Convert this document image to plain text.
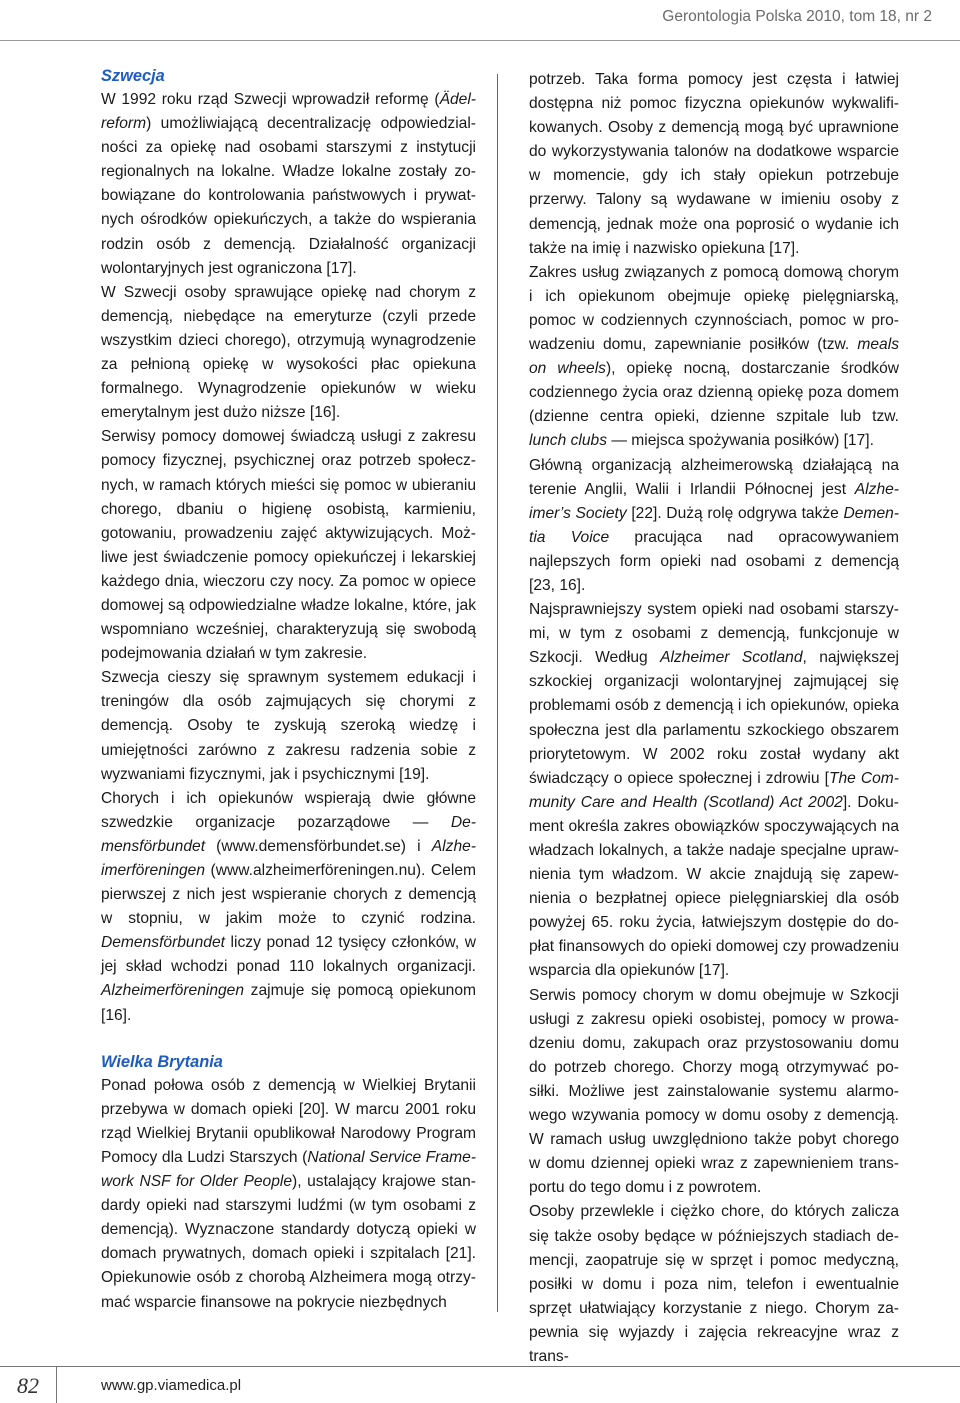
Gerontologia Polska 2010, tom 18, nr 2
Szwecja

W 1992 roku rząd Szwecji wprowadził reformę (Ädelreform) umożliwiającą decentralizację odpowiedzialności za opiekę nad osobami starszymi z instytucji regionalnych na lokalne. Władze lokalne zostały zobowiązane do kontrolowania państwowych i prywatnych ośrodków opiekuńczych, a także do wspierania rodzin osób z demencją. Działalność organizacji wolontaryjnych jest ograniczona [17].

W Szwecji osoby sprawujące opiekę nad chorym z demencją, niebędące na emeryturze (czyli przede wszystkim dzieci chorego), otrzymują wynagrodzenie za pełnioną opiekę w wysokości płac opiekuna formalnego. Wynagrodzenie opiekunów w wieku emerytalnym jest dużo niższe [16].

Serwisy pomocy domowej świadczą usługi z zakresu pomocy fizycznej, psychicznej oraz potrzeb społecznych, w ramach których mieści się pomoc w ubieraniu chorego, dbaniu o higienę osobistą, karmieniu, gotowaniu, prowadzeniu zajęć aktywizujących. Możliwe jest świadczenie pomocy opiekuńczej i lekarskiej każdego dnia, wieczoru czy nocy. Za pomoc w opiece domowej są odpowiedzialne władze lokalne, które, jak wspomniano wcześniej, charakteryzują się swobodą podejmowania działań w tym zakresie.

Szwecja cieszy się sprawnym systemem edukacji i treningów dla osób zajmujących się chorymi z demencją. Osoby te zyskują szeroką wiedzę i umiejętności zarówno z zakresu radzenia sobie z wyzwaniami fizycznymi, jak i psychicznymi [19].

Chorych i ich opiekunów wspierają dwie główne szwedzkie organizacje pozarządowe — Demensförbundet (www.demensförbundet.se) i Alzheimerföreningen (www.alzheimerföreningen.nu). Celem pierwszej z nich jest wspieranie chorych z demencją w stopniu, w jakim może to czynić rodzina. Demensförbundet liczy ponad 12 tysięcy członków, w jej skład wchodzi ponad 110 lokalnych organizacji. Alzheimerföreningen zajmuje się pomocą opiekunom [16].

Wielka Brytania

Ponad połowa osób z demencją w Wielkiej Brytanii przebywa w domach opieki [20]. W marcu 2001 roku rząd Wielkiej Brytanii opublikował Narodowy Program Pomocy dla Ludzi Starszych (National Service Framework NSF for Older People), ustalający krajowe standardy opieki nad starszymi ludźmi (w tym osobami z demencją). Wyznaczone standardy dotyczą opieki w domach prywatnych, domach opieki i szpitalach [21]. Opiekunowie osób z chorobą Alzheimera mogą otrzymać wsparcie finansowe na pokrycie niezbędnych

potrzeb. Taka forma pomocy jest częsta i łatwiej dostępna niż pomoc fizyczna opiekunów wykwalifikowanych. Osoby z demencją mogą być uprawnione do wykorzystywania talonów na dodatkowe wsparcie w momencie, gdy ich stały opiekun potrzebuje przerwy. Talony są wydawane w imieniu osoby z demencją, jednak może ona poprosić o wydanie ich także na imię i nazwisko opiekuna [17].

Zakres usług związanych z pomocą domową chorym i ich opiekunom obejmuje opiekę pielęgniarską, pomoc w codziennych czynnościach, pomoc w prowadzeniu domu, zapewnianie posiłków (tzw. meals on wheels), opiekę nocną, dostarczanie środków codziennego życia oraz dzienną opiekę poza domem (dzienne centra opieki, dzienne szpitale lub tzw. lunch clubs — miejsca spożywania posiłków) [17].

Główną organizacją alzheimerowską działającą na terenie Anglii, Walii i Irlandii Północnej jest Alzheimer’s Society [22]. Dużą rolę odgrywa także Dementia Voice pracująca nad opracowywaniem najlepszych form opieki nad osobami z demencją [23, 16].

Najsprawniejszy system opieki nad osobami starszymi, w tym z osobami z demencją, funkcjonuje w Szkocji. Według Alzheimer Scotland, największej szkockiej organizacji wolontaryjnej zajmującej się problemami osób z demencją i ich opiekunów, opieka społeczna jest dla parlamentu szkockiego obszarem priorytetowym. W 2002 roku został wydany akt świadczący o opiece społecznej i zdrowiu [The Community Care and Health (Scotland) Act 2002]. Dokument określa zakres obowiązków spoczywających na władzach lokalnych, a także nadaje specjalne uprawnienia tym władzom. W akcie znajdują się zapewnienia o bezpłatnej opiece pielęgniarskiej dla osób powyżej 65. roku życia, łatwiejszym dostępie do dopłat finansowych do opieki domowej czy prowadzeniu wsparcia dla opiekunów [17].

Serwis pomocy chorym w domu obejmuje w Szkocji usługi z zakresu opieki osobistej, pomocy w prowadzeniu domu, zakupach oraz przystosowaniu domu do potrzeb chorego. Chorzy mogą otrzymywać posiłki. Możliwe jest zainstalowanie systemu alarmowego wzywania pomocy w domu osoby z demencją. W ramach usług uwzględniono także pobyt chorego w domu dziennej opieki wraz z zapewnieniem transportu do tego domu i z powrotem.

Osoby przewlekle i ciężko chore, do których zalicza się także osoby będące w późniejszych stadiach demencji, zaopatruje się w sprzęt i pomoc medyczną, posiłki w domu i poza nim, telefon i ewentualnie sprzęt ułatwiający korzystanie z niego. Chorym zapewnia się wyjazdy i zajęcia rekreacyjne wraz z trans-

82	www.gp.viamedica.pl
